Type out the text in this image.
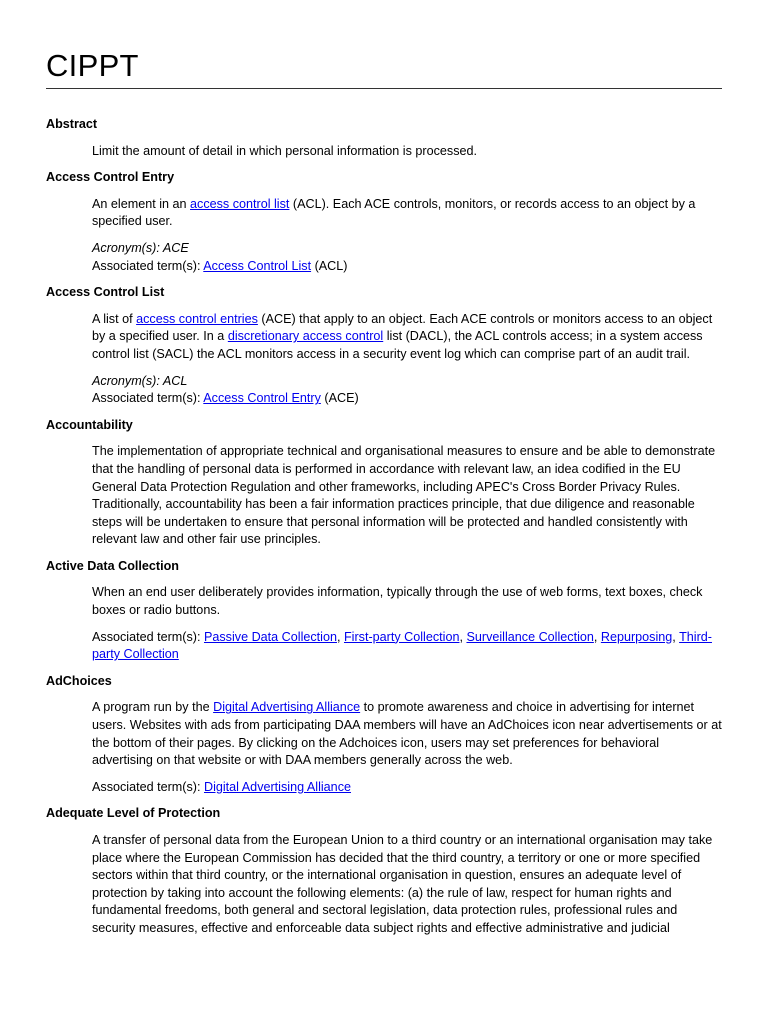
CIPPT
Abstract

Limit the amount of detail in which personal information is processed.

Access Control Entry

An element in an access control list (ACL). Each ACE controls, monitors, or records access to an object by a specified user.

Acronym(s): ACE
Associated term(s): Access Control List (ACL)

Access Control List

A list of access control entries (ACE) that apply to an object. Each ACE controls or monitors access to an object by a specified user. In a discretionary access control list (DACL), the ACL controls access; in a system access control list (SACL) the ACL monitors access in a security event log which can comprise part of an audit trail.

Acronym(s): ACL
Associated term(s): Access Control Entry (ACE)

Accountability

The implementation of appropriate technical and organisational measures to ensure and be able to demonstrate that the handling of personal data is performed in accordance with relevant law, an idea codified in the EU General Data Protection Regulation and other frameworks, including APEC's Cross Border Privacy Rules. Traditionally, accountability has been a fair information practices principle, that due diligence and reasonable steps will be undertaken to ensure that personal information will be protected and handled consistently with relevant law and other fair use principles.

Active Data Collection

When an end user deliberately provides information, typically through the use of web forms, text boxes, check boxes or radio buttons.

Associated term(s): Passive Data Collection, First-party Collection, Surveillance Collection, Repurposing, Third-party Collection

AdChoices

A program run by the Digital Advertising Alliance to promote awareness and choice in advertising for internet users. Websites with ads from participating DAA members will have an AdChoices icon near advertisements or at the bottom of their pages. By clicking on the Adchoices icon, users may set preferences for behavioral advertising on that website or with DAA members generally across the web.

Associated term(s): Digital Advertising Alliance

Adequate Level of Protection

A transfer of personal data from the European Union to a third country or an international organisation may take place where the European Commission has decided that the third country, a territory or one or more specified sectors within that third country, or the international organisation in question, ensures an adequate level of protection by taking into account the following elements: (a) the rule of law, respect for human rights and fundamental freedoms, both general and sectoral legislation, data protection rules, professional rules and security measures, effective and enforceable data subject rights and effective administrative and judicial
